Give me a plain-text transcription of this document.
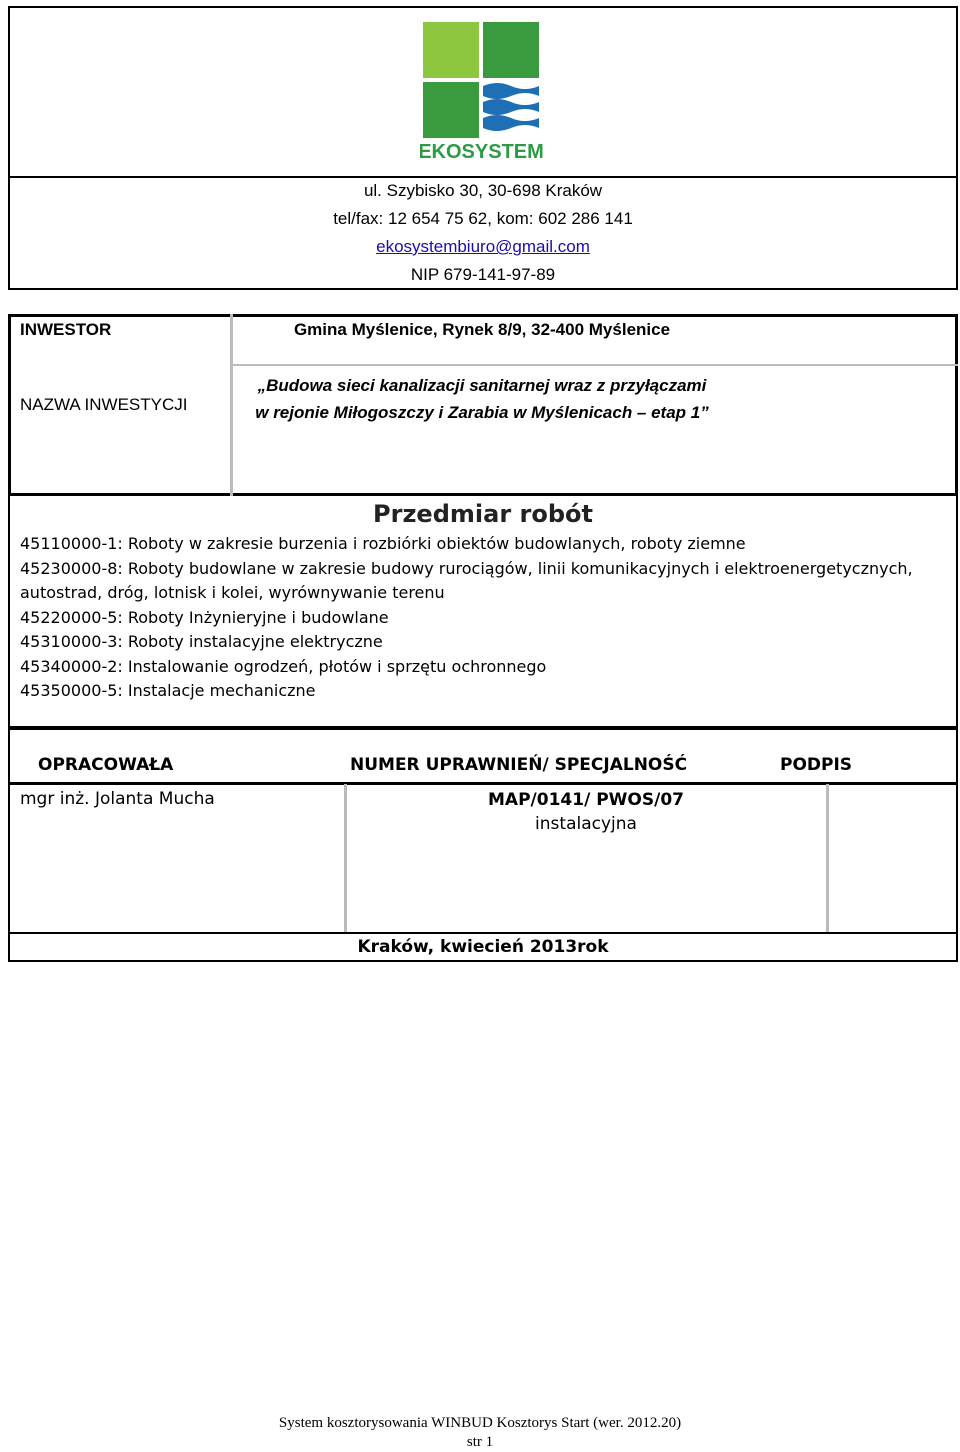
EKOSYSTEM
ul. Szybisko 30, 30-698 Kraków
tel/fax: 12 654 75 62, kom: 602 286 141
ekosystembiuro@gmail.com
NIP 679-141-97-89
INWESTOR	Gmina Myślenice, Rynek 8/9, 32-400 Myślenice
NAZWA INWESTYCJI
„Budowa sieci kanalizacji sanitarnej wraz z przyłączami
w rejonie Miłogoszczy i Zarabia w Myślenicach – etap 1”
Przedmiar robót
45110000-1: Roboty w zakresie burzenia i rozbiórki obiektów budowlanych, roboty ziemne
45230000-8: Roboty budowlane w zakresie budowy rurociągów, linii komunikacyjnych i elektroenergetycznych,
autostrad, dróg, lotnisk i kolei, wyrównywanie terenu
45220000-5: Roboty Inżynieryjne i budowlane
45310000-3: Roboty instalacyjne elektryczne
45340000-2: Instalowanie ogrodzeń, płotów i sprzętu ochronnego
45350000-5: Instalacje mechaniczne
OPRACOWAŁA	NUMER UPRAWNIEŃ/ SPECJALNOŚĆ	PODPIS
mgr inż. Jolanta Mucha	MAP/0141/ PWOS/07
instalacyjna
Kraków, kwiecień 2013rok
System kosztorysowania WINBUD Kosztorys Start (wer. 2012.20)
str 1
